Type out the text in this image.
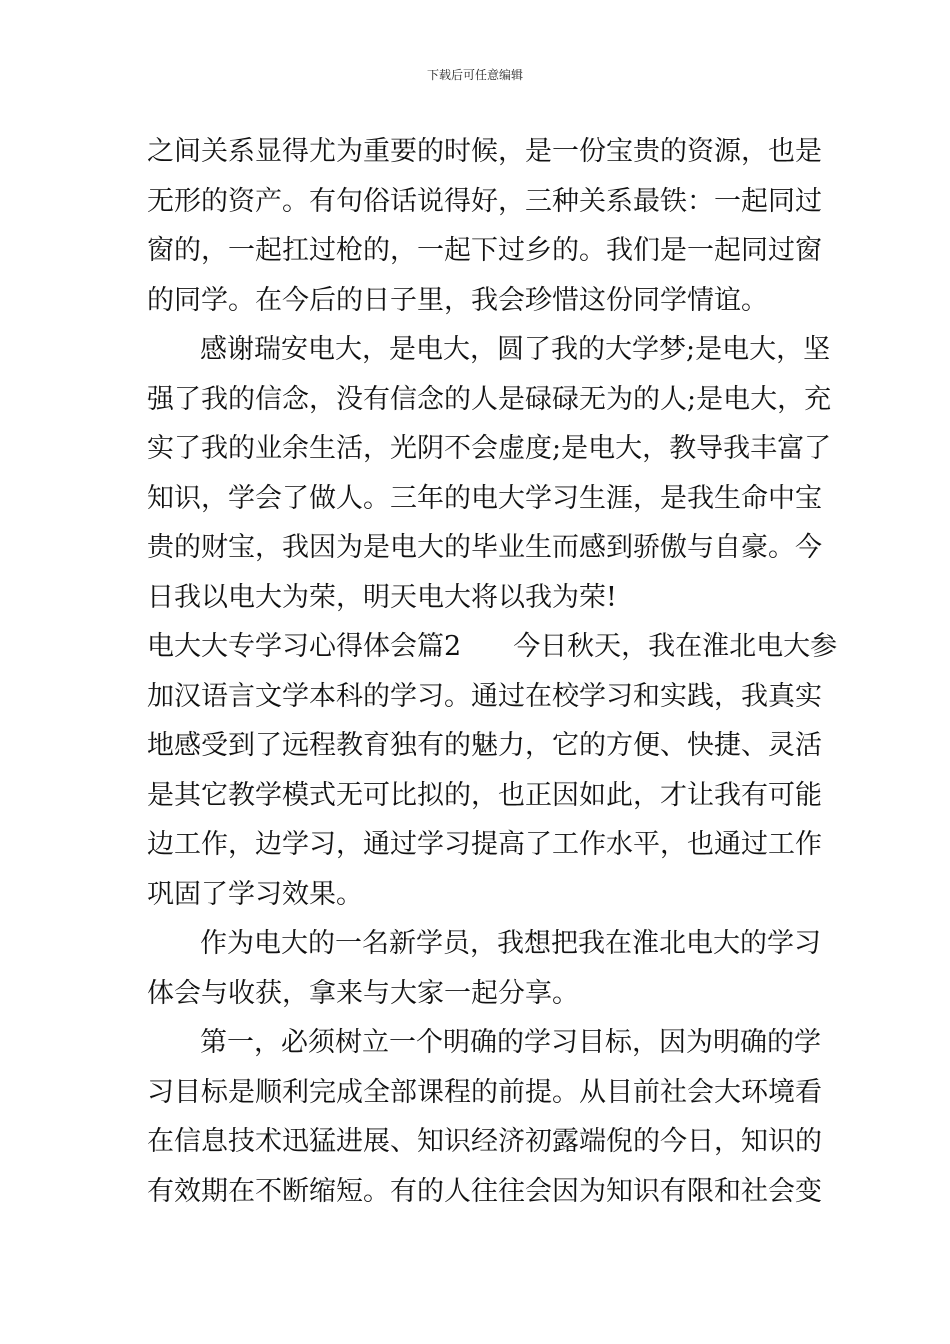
下载后可任意编辑
之间关系显得尤为重要的时候，是一份宝贵的资源，也是
无形的资产。有句俗话说得好，三种关系最铁：一起同过
窗的，一起扛过枪的，一起下过乡的。我们是一起同过窗
的同学。在今后的日子里，我会珍惜这份同学情谊。
感谢瑞安电大，是电大，圆了我的大学梦;是电大，坚
强了我的信念，没有信念的人是碌碌无为的人;是电大，充
实了我的业余生活，光阴不会虚度;是电大，教导我丰富了
知识，学会了做人。三年的电大学习生涯，是我生命中宝
贵的财宝，我因为是电大的毕业生而感到骄傲与自豪。今
日我以电大为荣，明天电大将以我为荣!
电大大专学习心得体会篇2 今日秋天，我在淮北电大参
加汉语言文学本科的学习。通过在校学习和实践，我真实
地感受到了远程教育独有的魅力，它的方便、快捷、灵活
是其它教学模式无可比拟的，也正因如此，才让我有可能
边工作，边学习，通过学习提高了工作水平，也通过工作
巩固了学习效果。
作为电大的一名新学员，我想把我在淮北电大的学习
体会与收获，拿来与大家一起分享。
第一，必须树立一个明确的学习目标，因为明确的学
习目标是顺利完成全部课程的前提。从目前社会大环境看
在信息技术迅猛进展、知识经济初露端倪的今日，知识的
有效期在不断缩短。有的人往往会因为知识有限和社会变
